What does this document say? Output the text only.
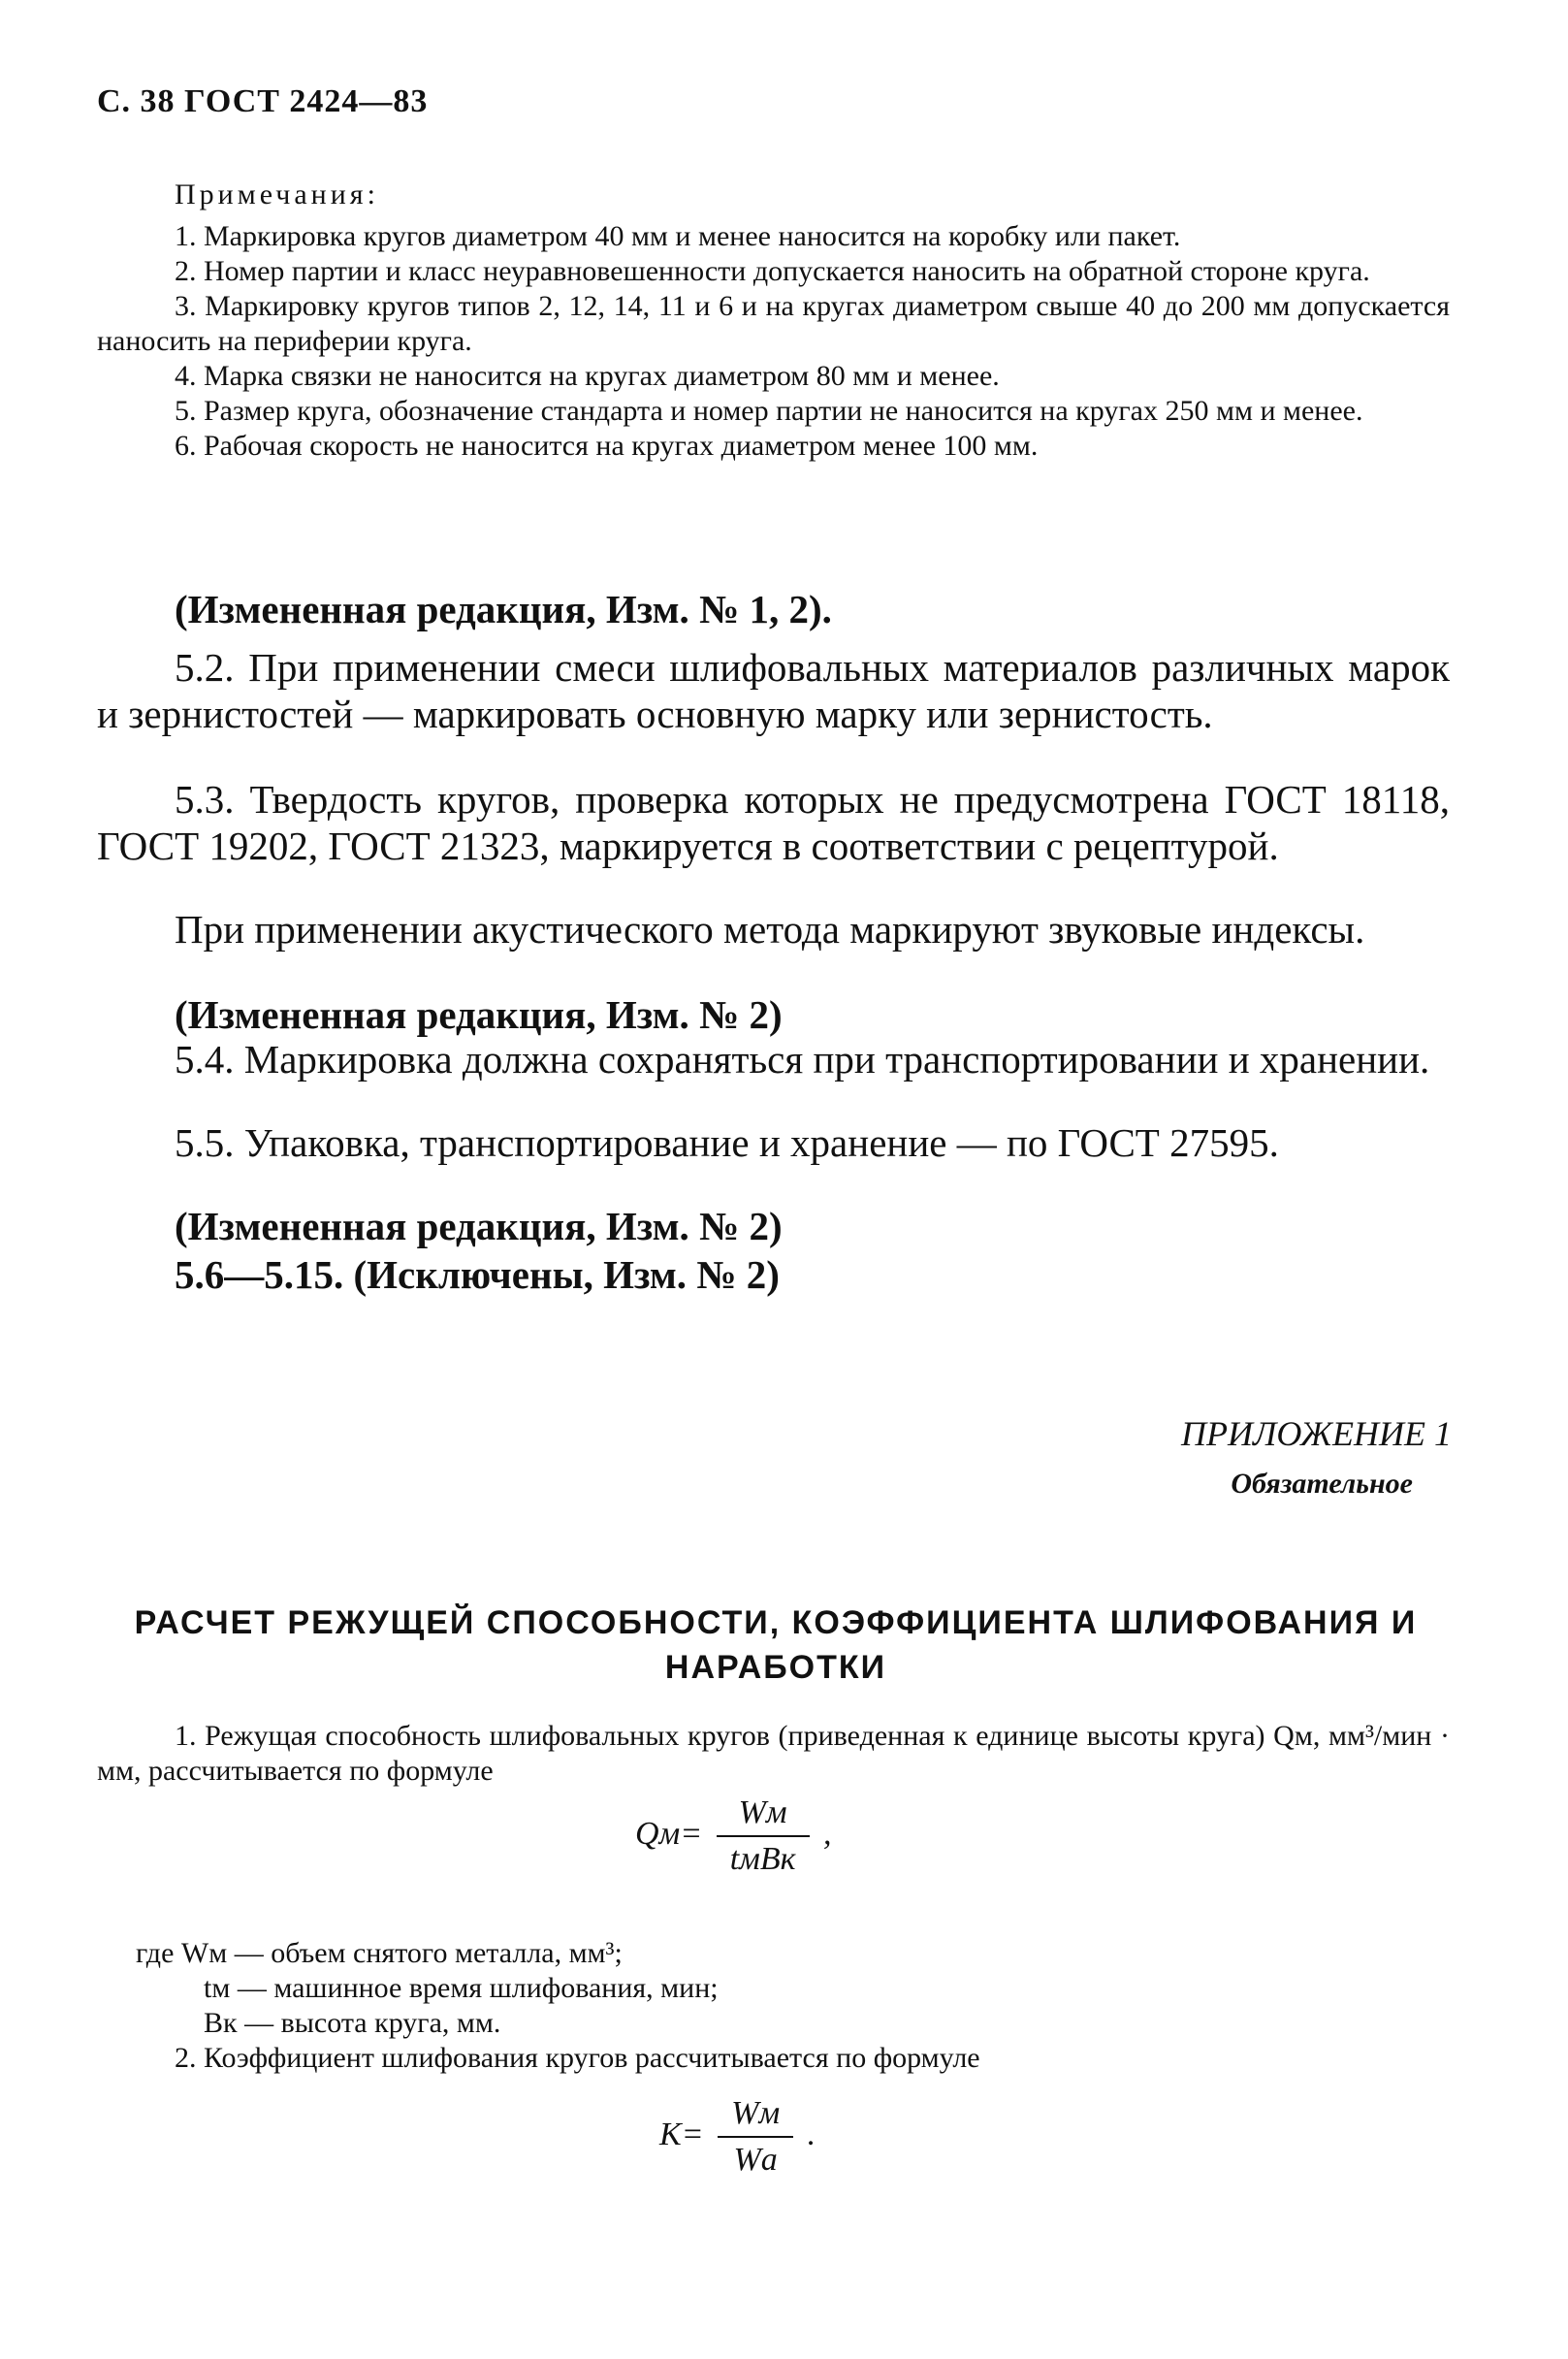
С. 38 ГОСТ 2424—83
Примечания:
1. Маркировка кругов диаметром 40 мм и менее наносится на коробку или пакет.
2. Номер партии и класс неуравновешенности допускается наносить на обратной стороне круга.
3. Маркировку кругов типов 2, 12, 14, 11 и 6 и на кругах диаметром свыше 40 до 200 мм допускается наносить на периферии круга.
4. Марка связки не наносится на кругах диаметром 80 мм и менее.
5. Размер круга, обозначение стандарта и номер партии не наносится на кругах 250 мм и менее.
6. Рабочая скорость не наносится на кругах диаметром менее 100 мм.
(Измененная редакция, Изм. № 1, 2).
5.2. При применении смеси шлифовальных материалов различных марок и зернистостей — маркировать основную марку или зернистость.
5.3. Твердость кругов, проверка которых не предусмотрена ГОСТ 18118, ГОСТ 19202, ГОСТ 21323, маркируется в соответствии с рецептурой.
При применении акустического метода маркируют звуковые индексы.
(Измененная редакция, Изм. № 2)
5.4. Маркировка должна сохраняться при транспортировании и хранении.
5.5. Упаковка, транспортирование и хранение — по ГОСТ 27595.
(Измененная редакция, Изм. № 2)
5.6—5.15. (Исключены, Изм. № 2)
ПРИЛОЖЕНИЕ 1
Обязательное
РАСЧЕТ РЕЖУЩЕЙ СПОСОБНОСТИ, КОЭФФИЦИЕНТА ШЛИФОВАНИЯ И НАРАБОТКИ
1. Режущая способность шлифовальных кругов (приведенная к единице высоты круга) Qм, мм³/мин · мм, рассчитывается по формуле
$Qм= \frac{Wм}{\text{tмBк}}$ ,
где Wм — объем снятого металла, мм³;
tм — машинное время шлифования, мин;
Bк — высота круга, мм.
2. Коэффициент шлифования кругов рассчитывается по формуле
$K= \frac{Wм}{Wа}$ .
